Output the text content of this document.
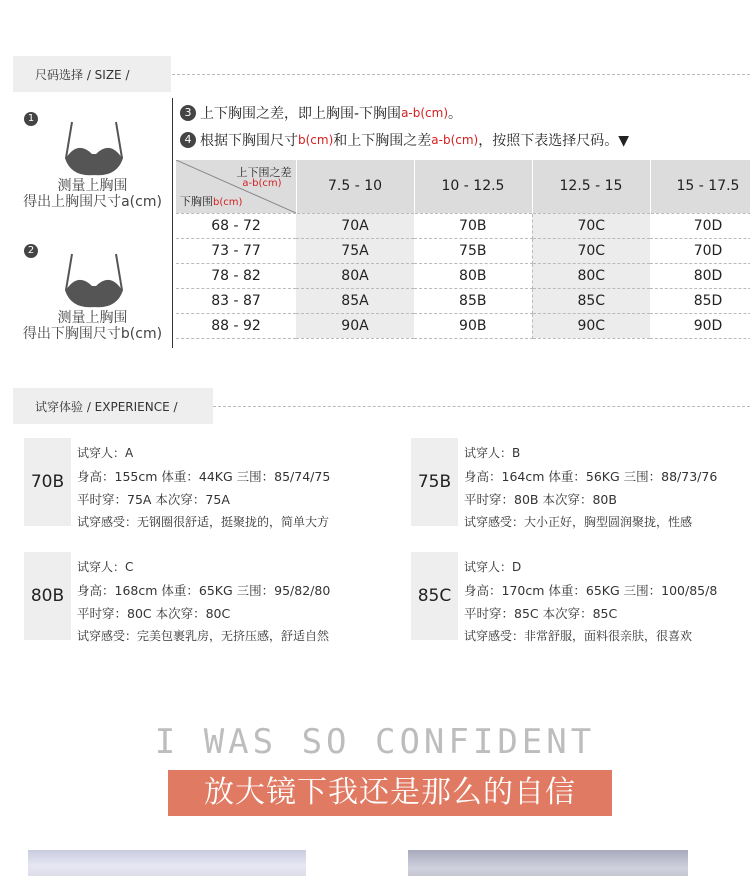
尺码选择 / SIZE /
1
测量上胸围
得出上胸围尺寸a(cm)
2
测量上胸围
得出下胸围尺寸b(cm)
3 上下胸围之差，即上胸围-下胸围 a-b(cm) 。
4 根据下胸围尺寸 b(cm) 和上下胸围之差 a-b(cm) ，按照下表选择尺码。▼
上下围之差
a-b(cm)
下胸围b(cm)	7.5 - 10	10 - 12.5	12.5 - 15	15 - 17.5
68 - 72	70A	70B	70C	70D
73 - 77	75A	75B	70C	70D
78 - 82	80A	80B	80C	80D
83 - 87	85A	85B	85C	85D
88 - 92	90A	90B	90C	90D
试穿体验 / EXPERIENCE /
70B
试穿人：A
身高：155cm 体重：44KG 三围：85/74/75
平时穿：75A 本次穿：75A
试穿感受：无钢圈很舒适，挺聚拢的，简单大方
75B
试穿人：B
身高：164cm 体重：56KG 三围：88/73/76
平时穿：80B 本次穿：80B
试穿感受：大小正好，胸型圆润聚拢，性感
80B
试穿人：C
身高：168cm 体重：65KG 三围：95/82/80
平时穿：80C 本次穿：80C
试穿感受：完美包裹乳房，无挤压感，舒适自然
85C
试穿人：D
身高：170cm 体重：65KG 三围：100/85/8
平时穿：85C 本次穿：85C
试穿感受：非常舒服，面料很亲肤，很喜欢
I WAS SO CONFIDENT
放大镜下我还是那么的自信
